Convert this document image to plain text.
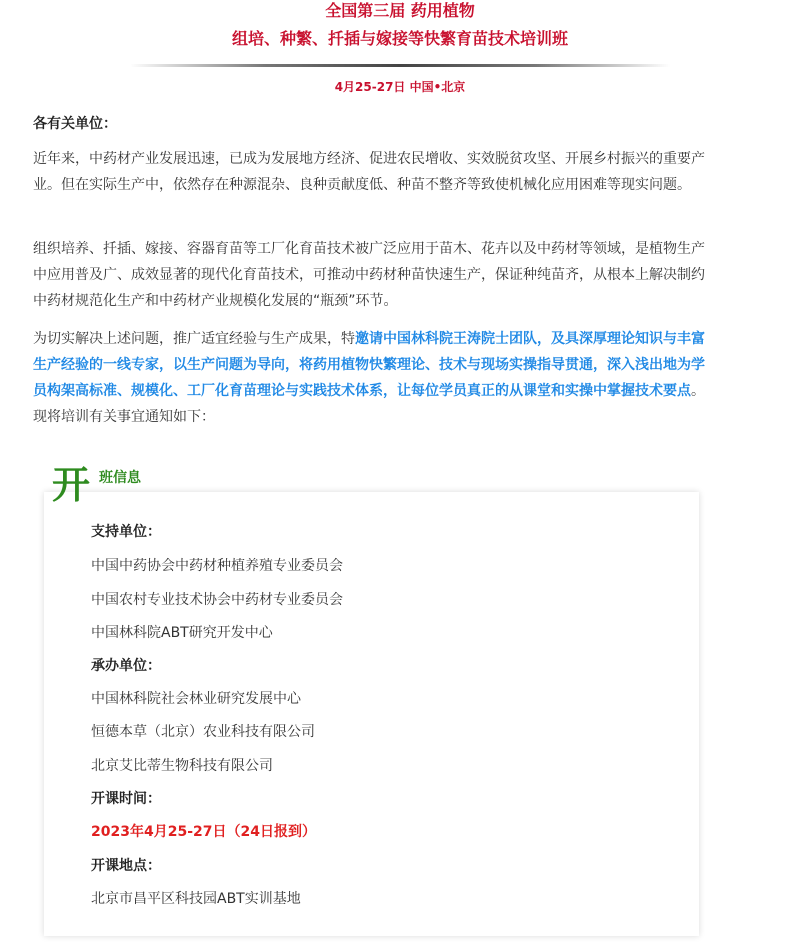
全国第三届 药用植物
组培、种繁、扦插与嫁接等快繁育苗技术培训班
4月25-27日 中国•北京

各有关单位：

近年来，中药材产业发展迅速，已成为发展地方经济、促进农民增收、实效脱贫攻坚、开展乡村振兴的重要产业。但在实际生产中，依然存在种源混杂、良种贡献度低、种苗不整齐等致使机械化应用困难等现实问题。

组织培养、扦插、嫁接、容器育苗等工厂化育苗技术被广泛应用于苗木、花卉以及中药材等领域，是植物生产中应用普及广、成效显著的现代化育苗技术，可推动中药材种苗快速生产，保证种纯苗齐，从根本上解决制约中药材规范化生产和中药材产业规模化发展的“瓶颈”环节。

为切实解决上述问题，推广适宜经验与生产成果，特邀请中国林科院王涛院士团队，及具深厚理论知识与丰富生产经验的一线专家，以生产问题为导向，将药用植物快繁理论、技术与现场实操指导贯通，深入浅出地为学员构架高标准、规模化、工厂化育苗理论与实践技术体系，让每位学员真正的从课堂和实操中掌握技术要点。现将培训有关事宜通知如下：

开 班信息

支持单位：

中国中药协会中药材种植养殖专业委员会

中国农村专业技术协会中药材专业委员会

中国林科院ABT研究开发中心

承办单位：

中国林科院社会林业研究发展中心

恒德本草（北京）农业科技有限公司

北京艾比蒂生物科技有限公司

开课时间：

2023年4月25-27日（24日报到）

开课地点：

北京市昌平区科技园ABT实训基地
